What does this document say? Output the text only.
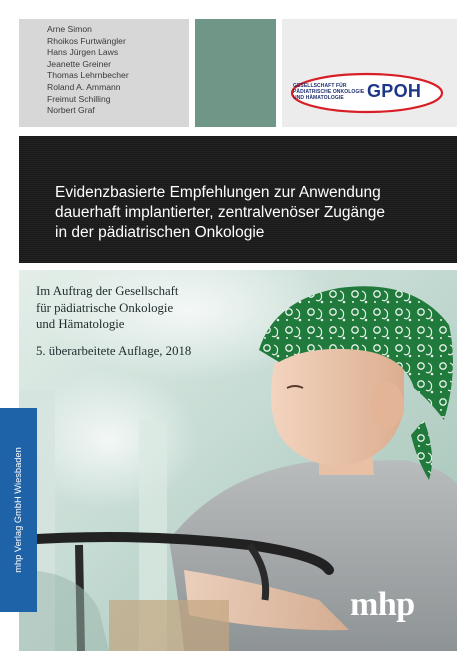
Arne Simon
Rhoikos Furtwängler
Hans Jürgen Laws
Jeanette Greiner
Thomas Lehrnbecher
Roland A. Ammann
Freimut Schilling
Norbert Graf
GESELLSCHAFT FÜR
PÄDIATRISCHE ONKOLOGIE
UND HÄMATOLOGIE	GPOH
Evidenzbasierte Empfehlungen zur Anwendung
dauerhaft implantierter, zentralvenöser Zugänge
in der pädiatrischen Onkologie
Im Auftrag der Gesellschaft
für pädiatrische Onkologie
und Hämatologie
5. überarbeitete Auflage, 2018
mhp Verlag GmbH Wiesbaden
mhp
